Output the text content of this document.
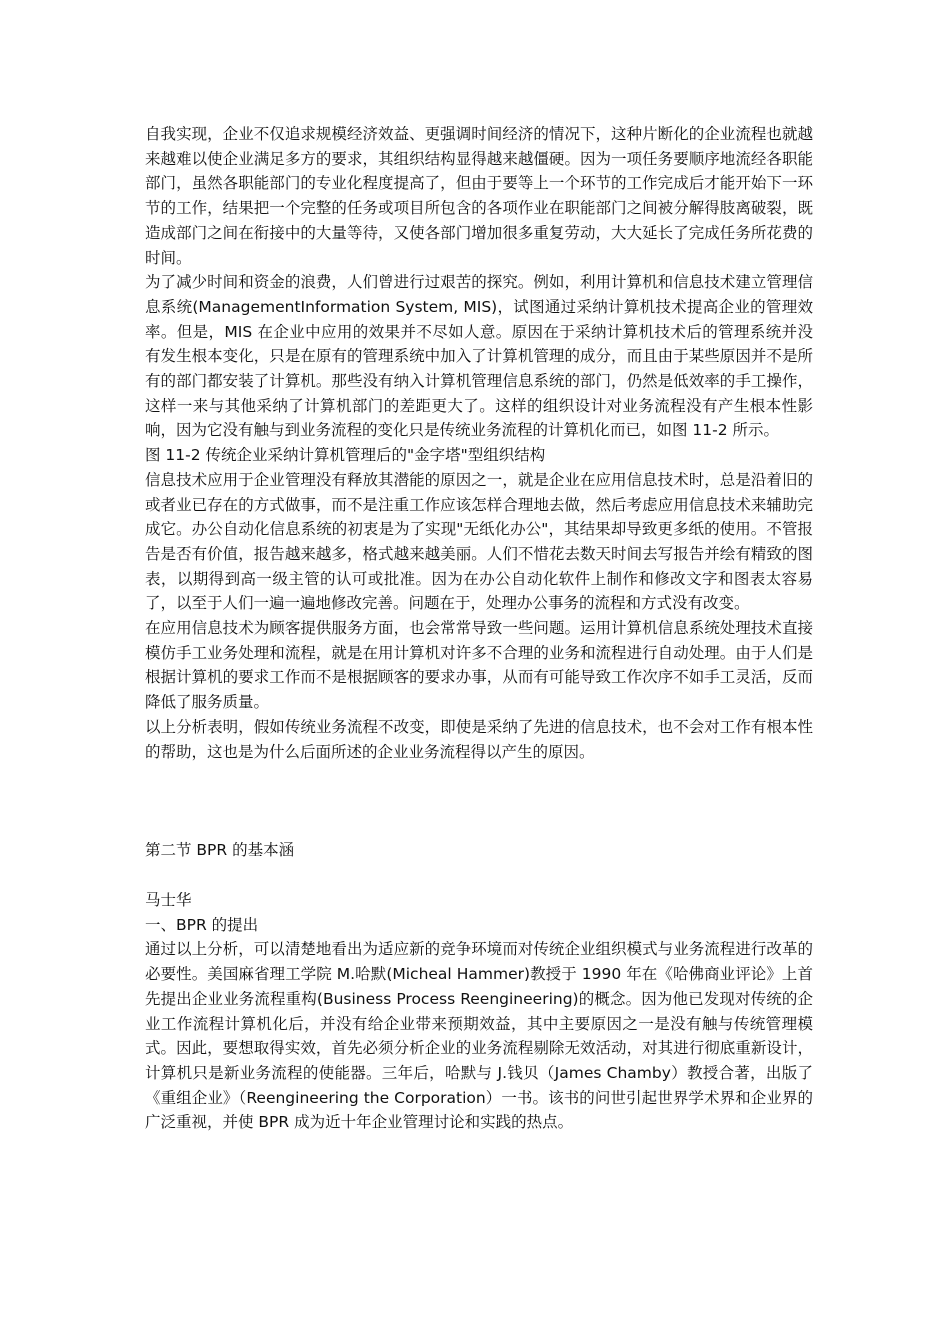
自我实现，企业不仅追求规模经济效益、更强调时间经济的情况下，这种片断化的企业流程也就越来越难以使企业满足多方的要求，其组织结构显得越来越僵硬。因为一项任务要顺序地流经各职能部门，虽然各职能部门的专业化程度提高了，但由于要等上一个环节的工作完成后才能开始下一环节的工作，结果把一个完整的任务或项目所包含的各项作业在职能部门之间被分解得肢离破裂，既造成部门之间在衔接中的大量等待，又使各部门增加很多重复劳动，大大延长了完成任务所花费的时间。

为了减少时间和资金的浪费，人们曾进行过艰苦的探究。例如，利用计算机和信息技术建立管理信息系统(ManagementInformation System, MIS)，试图通过采纳计算机技术提高企业的管理效率。但是，MIS 在企业中应用的效果并不尽如人意。原因在于采纳计算机技术后的管理系统并没有发生根本变化，只是在原有的管理系统中加入了计算机管理的成分，而且由于某些原因并不是所有的部门都安装了计算机。那些没有纳入计算机管理信息系统的部门，仍然是低效率的手工操作，这样一来与其他采纳了计算机部门的差距更大了。这样的组织设计对业务流程没有产生根本性影响，因为它没有触与到业务流程的变化只是传统业务流程的计算机化而已，如图 11-2 所示。

图 11-2 传统企业采纳计算机管理后的"金字塔"型组织结构

信息技术应用于企业管理没有释放其潜能的原因之一，就是企业在应用信息技术时，总是沿着旧的或者业已存在的方式做事，而不是注重工作应该怎样合理地去做，然后考虑应用信息技术来辅助完成它。办公自动化信息系统的初衷是为了实现"无纸化办公"，其结果却导致更多纸的使用。不管报告是否有价值，报告越来越多，格式越来越美丽。人们不惜花去数天时间去写报告并绘有精致的图表，以期得到高一级主管的认可或批准。因为在办公自动化软件上制作和修改文字和图表太容易了，以至于人们一遍一遍地修改完善。问题在于，处理办公事务的流程和方式没有改变。

在应用信息技术为顾客提供服务方面，也会常常导致一些问题。运用计算机信息系统处理技术直接模仿手工业务处理和流程，就是在用计算机对许多不合理的业务和流程进行自动处理。由于人们是根据计算机的要求工作而不是根据顾客的要求办事，从而有可能导致工作次序不如手工灵活，反而降低了服务质量。

以上分析表明，假如传统业务流程不改变，即使是采纳了先进的信息技术，也不会对工作有根本性的帮助，这也是为什么后面所述的企业业务流程得以产生的原因。

第二节 BPR 的基本涵

马士华

一、BPR 的提出

通过以上分析，可以清楚地看出为适应新的竞争环境而对传统企业组织模式与业务流程进行改革的必要性。美国麻省理工学院 M.哈默(Micheal Hammer)教授于 1990 年在《哈佛商业评论》上首先提出企业业务流程重构(Business Process Reengineering)的概念。因为他已发现对传统的企业工作流程计算机化后，并没有给企业带来预期效益，其中主要原因之一是没有触与传统管理模式。因此，要想取得实效，首先必须分析企业的业务流程剔除无效活动，对其进行彻底重新设计，计算机只是新业务流程的使能器。三年后，哈默与 J.钱贝（James Chamby）教授合著，出版了《重组企业》（Reengineering the Corporation）一书。该书的问世引起世界学术界和企业界的广泛重视，并使 BPR 成为近十年企业管理讨论和实践的热点。
